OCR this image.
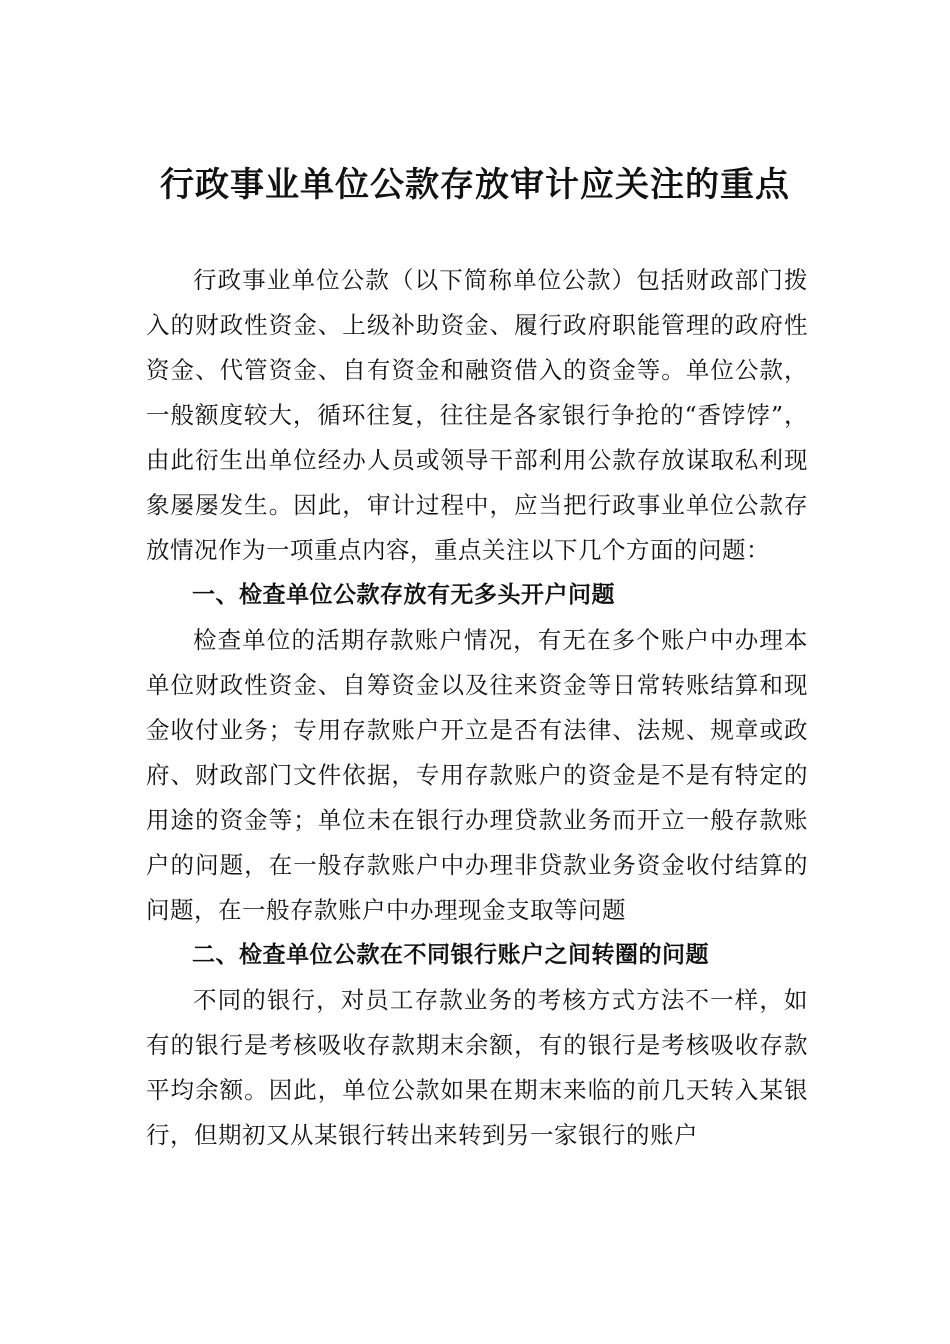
行政事业单位公款存放审计应关注的重点

行政事业单位公款（以下简称单位公款）包括财政部门拨入的财政性资金、上级补助资金、履行政府职能管理的政府性资金、代管资金、自有资金和融资借入的资金等。单位公款，一般额度较大，循环往复，往往是各家银行争抢的“香饽饽”，由此衍生出单位经办人员或领导干部利用公款存放谋取私利现象屡屡发生。因此，审计过程中，应当把行政事业单位公款存放情况作为一项重点内容，重点关注以下几个方面的问题：

一、检查单位公款存放有无多头开户问题

检查单位的活期存款账户情况，有无在多个账户中办理本单位财政性资金、自筹资金以及往来资金等日常转账结算和现金收付业务；专用存款账户开立是否有法律、法规、规章或政府、财政部门文件依据，专用存款账户的资金是不是有特定的用途的资金等；单位未在银行办理贷款业务而开立一般存款账户的问题，在一般存款账户中办理非贷款业务资金收付结算的问题，在一般存款账户中办理现金支取等问题

二、检查单位公款在不同银行账户之间转圈的问题

不同的银行，对员工存款业务的考核方式方法不一样，如有的银行是考核吸收存款期末余额，有的银行是考核吸收存款平均余额。因此，单位公款如果在期末来临的前几天转入某银行，但期初又从某银行转出来转到另一家银行的账户
